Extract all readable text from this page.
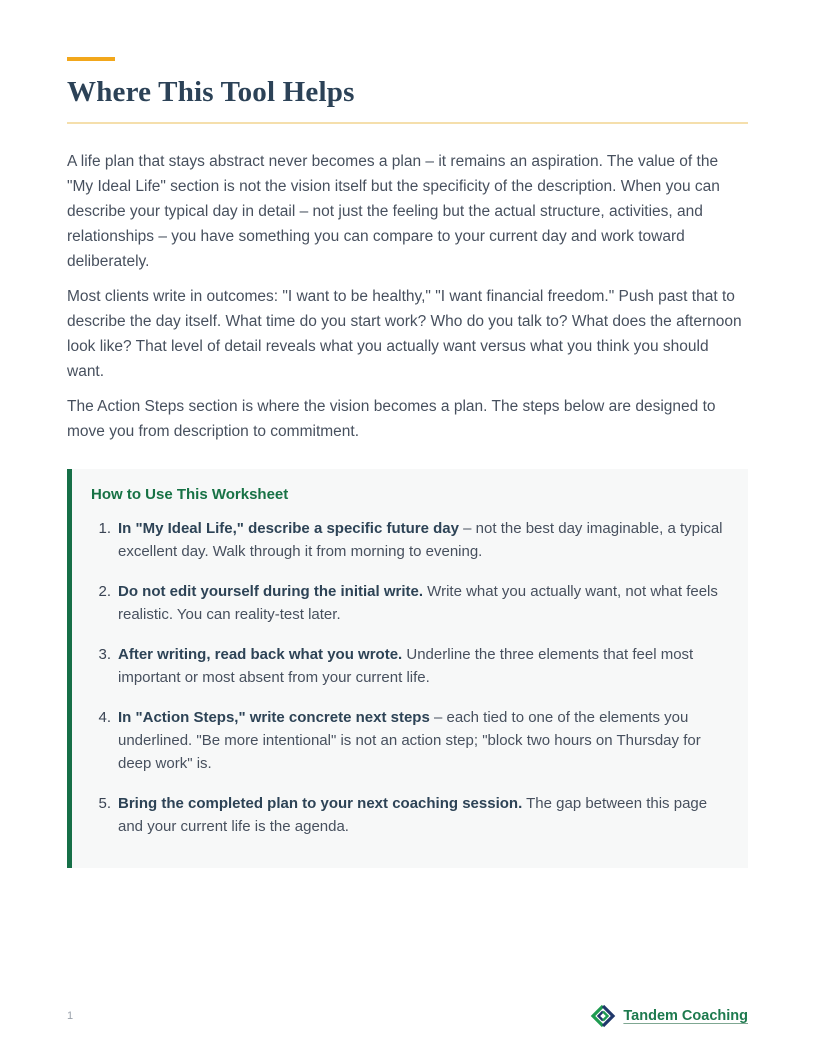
Where This Tool Helps

A life plan that stays abstract never becomes a plan – it remains an aspiration. The value of the "My Ideal Life" section is not the vision itself but the specificity of the description. When you can describe your typical day in detail – not just the feeling but the actual structure, activities, and relationships – you have something you can compare to your current day and work toward deliberately.

Most clients write in outcomes: "I want to be healthy," "I want financial freedom." Push past that to describe the day itself. What time do you start work? Who do you talk to? What does the afternoon look like? That level of detail reveals what you actually want versus what you think you should want.

The Action Steps section is where the vision becomes a plan. The steps below are designed to move you from description to commitment.

How to Use This Worksheet
1. In "My Ideal Life," describe a specific future day – not the best day imaginable, a typical excellent day. Walk through it from morning to evening.
2. Do not edit yourself during the initial write. Write what you actually want, not what feels realistic. You can reality-test later.
3. After writing, read back what you wrote. Underline the three elements that feel most important or most absent from your current life.
4. In "Action Steps," write concrete next steps – each tied to one of the elements you underlined. "Be more intentional" is not an action step; "block two hours on Thursday for deep work" is.
5. Bring the completed plan to your next coaching session. The gap between this page and your current life is the agenda.
1	Tandem Coaching
